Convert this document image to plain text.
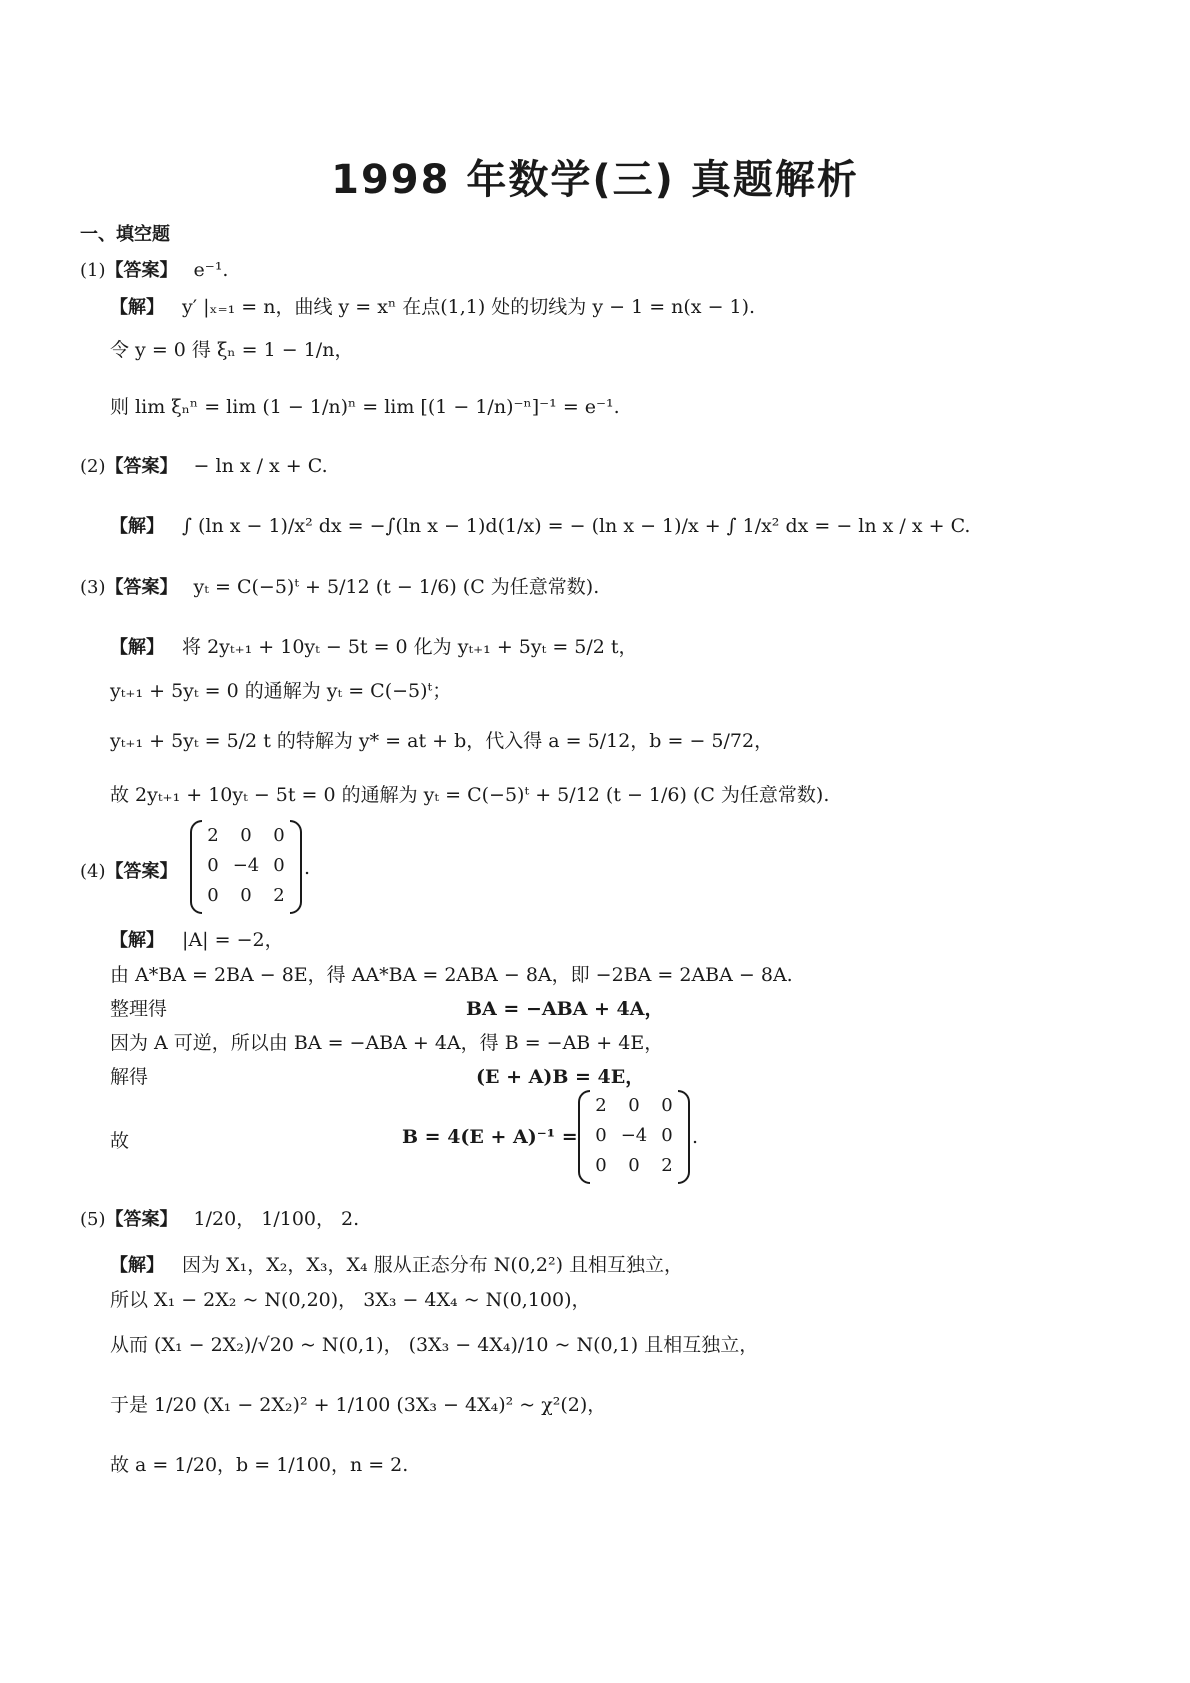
1998 年数学(三) 真题解析
一、填空题
(1)【答案】 e⁻¹.
【解】 y′ |ₓ₌₁ = n，曲线 y = xⁿ 在点(1,1) 处的切线为 y − 1 = n(x − 1).
令 y = 0 得 ξₙ = 1 − 1/n，
则 lim ξₙⁿ = lim (1 − 1/n)ⁿ = lim [(1 − 1/n)⁻ⁿ]⁻¹ = e⁻¹.
(2)【答案】 − ln x / x + C.
【解】 ∫ (ln x − 1)/x² dx = −∫(ln x − 1)d(1/x) = − (ln x − 1)/x + ∫ 1/x² dx = − ln x / x + C.
(3)【答案】 yₜ = C(−5)ᵗ + 5/12 (t − 1/6) (C 为任意常数).
【解】 将 2yₜ₊₁ + 10yₜ − 5t = 0 化为 yₜ₊₁ + 5yₜ = 5/2 t，
yₜ₊₁ + 5yₜ = 0 的通解为 yₜ = C(−5)ᵗ；
yₜ₊₁ + 5yₜ = 5/2 t 的特解为 y* = at + b，代入得 a = 5/12，b = − 5/72，
故 2yₜ₊₁ + 10yₜ − 5t = 0 的通解为 yₜ = C(−5)ᵗ + 5/12 (t − 1/6) (C 为任意常数).
(4)【答案】
2	0	0
0	−4	0
0	0	2
.
【解】 |A| = −2，
由 A*BA = 2BA − 8E，得 AA*BA = 2ABA − 8A，即 −2BA = 2ABA − 8A.
整理得	BA = −ABA + 4A，
因为 A 可逆，所以由 BA = −ABA + 4A，得 B = −AB + 4E，
解得	(E + A)B = 4E，
故	B = 4(E + A)⁻¹ =
2	0	0
0	−4	0
0	0	2
.
(5)【答案】 1/20， 1/100， 2.
【解】 因为 X₁，X₂，X₃，X₄ 服从正态分布 N(0,2²) 且相互独立，
所以 X₁ − 2X₂ ~ N(0,20)， 3X₃ − 4X₄ ~ N(0,100)，
从而 (X₁ − 2X₂)/√20 ~ N(0,1)， (3X₃ − 4X₄)/10 ~ N(0,1) 且相互独立，
于是 1/20 (X₁ − 2X₂)² + 1/100 (3X₃ − 4X₄)² ~ χ²(2)，
故 a = 1/20，b = 1/100，n = 2.
